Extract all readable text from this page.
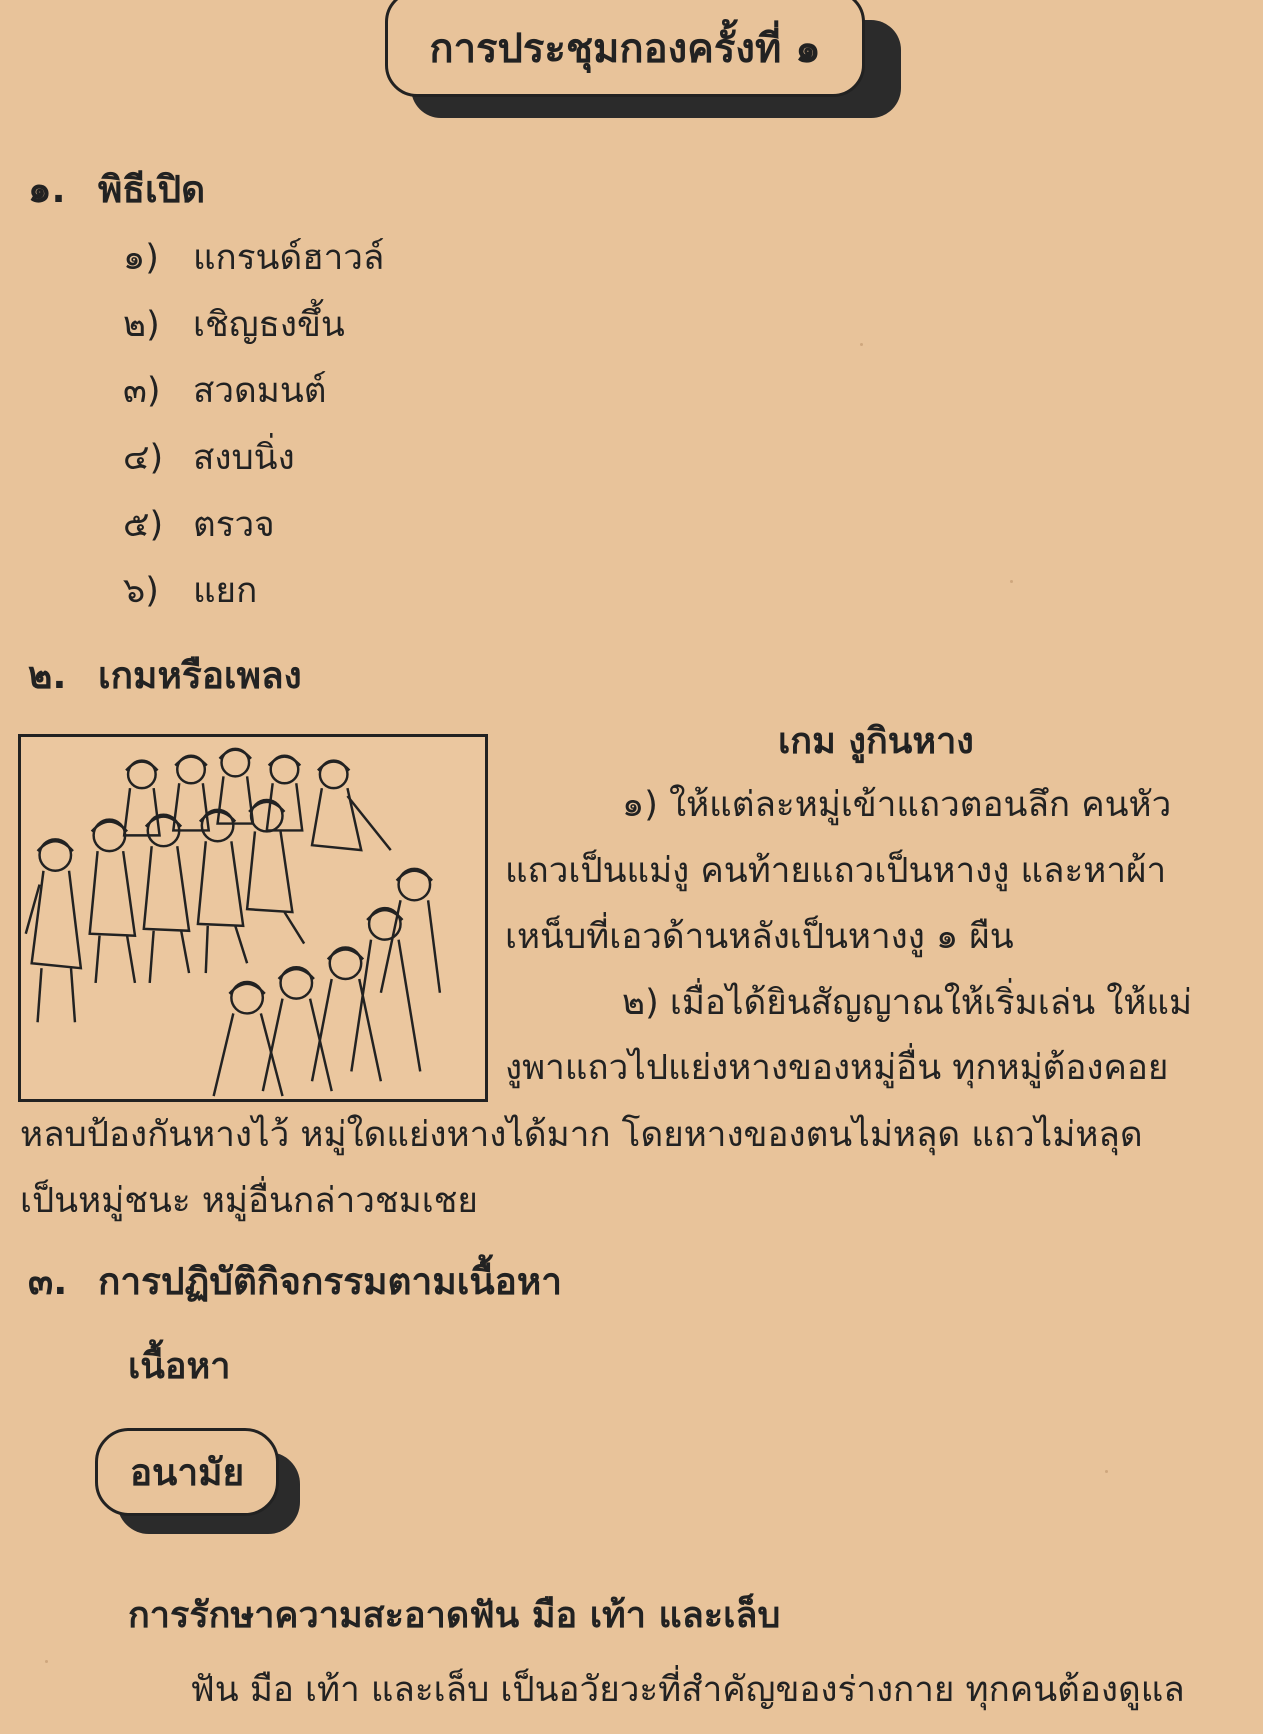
การประชุมกองครั้งที่ ๑
๑. พิธีเปิด
๑) แกรนด์ฮาวล์
๒) เชิญธงขึ้น
๓) สวดมนต์
๔) สงบนิ่ง
๕) ตรวจ
๖) แยก
๒. เกมหรือเพลง
เกม งูกินหาง
๑) ให้แต่ละหมู่เข้าแถวตอนลึก คนหัว
แถวเป็นแม่งู คนท้ายแถวเป็นหางงู และหาผ้า
เหน็บที่เอวด้านหลังเป็นหางงู ๑ ผืน
๒) เมื่อได้ยินสัญญาณให้เริ่มเล่น ให้แม่
งูพาแถวไปแย่งหางของหมู่อื่น ทุกหมู่ต้องคอย
หลบป้องกันหางไว้ หมู่ใดแย่งหางได้มาก โดยหางของตนไม่หลุด แถวไม่หลุด
เป็นหมู่ชนะ หมู่อื่นกล่าวชมเชย
๓. การปฏิบัติกิจกรรมตามเนื้อหา
เนื้อหา
อนามัย
การรักษาความสะอาดฟัน มือ เท้า และเล็บ
ฟัน มือ เท้า และเล็บ เป็นอวัยวะที่สำคัญของร่างกาย ทุกคนต้องดูแล
